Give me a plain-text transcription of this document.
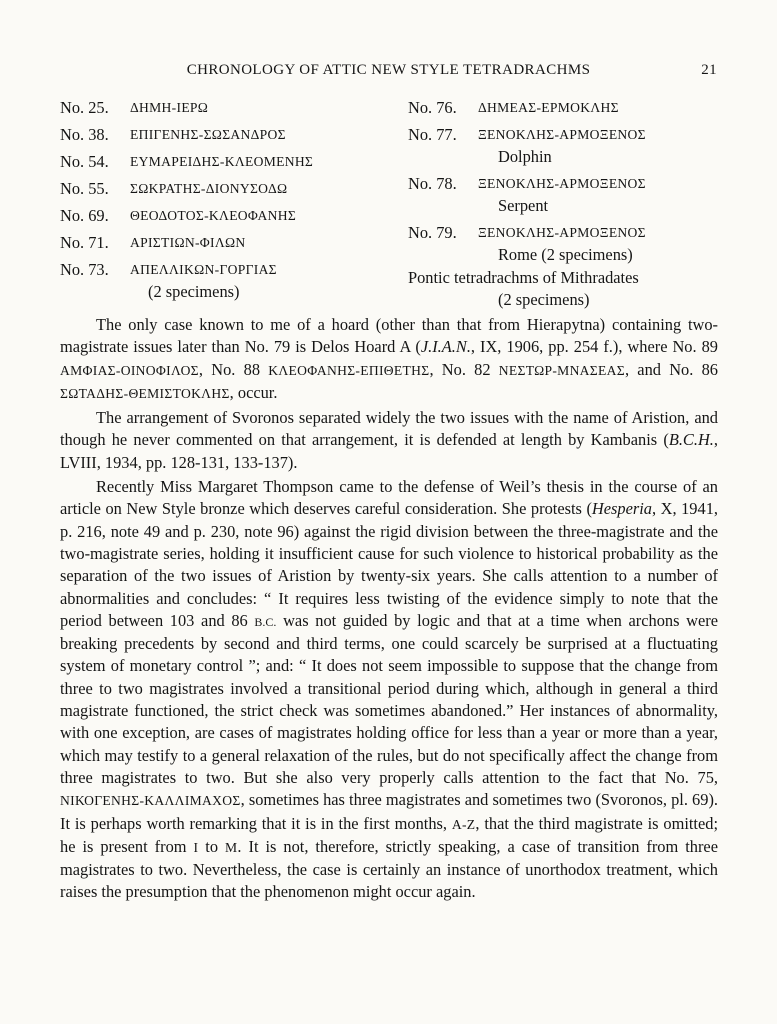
CHRONOLOGY OF ATTIC NEW STYLE TETRADRACHMS	21
No. 25.	ΔΗΜΗ-ΙΕΡΩ
No. 38.	ΕΠΙΓΕΝΗΣ-ΣΩΣΑΝΔΡΟΣ
No. 54.	ΕΥΜΑΡΕΙΔΗΣ-ΚΛΕΟΜΕΝΗΣ
No. 55.	ΣΩΚΡΑΤΗΣ-ΔΙΟΝΥΣΟΔΩ
No. 69.	ΘΕΟΔΟΤΟΣ-ΚΛΕΟΦΑΝΗΣ
No. 71.	ΑΡΙΣΤΙΩΝ-ΦΙΛΩΝ
No. 73.	ΑΠΕΛΛΙΚΩΝ-ΓΟΡΓΙΑΣ
(2 specimens)
No. 76.	ΔΗΜΕΑΣ-ΕΡΜΟΚΛΗΣ
No. 77.	ΞΕΝΟΚΛΗΣ-ΑΡΜΟΞΕΝΟΣ
Dolphin
No. 78.	ΞΕΝΟΚΛΗΣ-ΑΡΜΟΞΕΝΟΣ
Serpent
No. 79.	ΞΕΝΟΚΛΗΣ-ΑΡΜΟΞΕΝΟΣ
Rome (2 specimens)
Pontic tetradrachms of Mithradates
(2 specimens)

The only case known to me of a hoard (other than that from Hierapytna) containing two-magistrate issues later than No. 79 is Delos Hoard A (J.I.A.N., IX, 1906, pp. 254 f.), where No. 89 ΑΜΦΙΑΣ-ΟΙΝΟΦΙΛΟΣ, No. 88 ΚΛΕΟΦΑΝΗΣ-ΕΠΙΘΕΤΗΣ, No. 82 ΝΕΣΤΩΡ-ΜΝΑΣΕΑΣ, and No. 86 ΣΩΤΑΔΗΣ-ΘΕΜΙΣΤΟΚΛΗΣ, occur.

The arrangement of Svoronos separated widely the two issues with the name of Aristion, and though he never commented on that arrangement, it is defended at length by Kambanis (B.C.H., LVIII, 1934, pp. 128-131, 133-137).

Recently Miss Margaret Thompson came to the defense of Weil’s thesis in the course of an article on New Style bronze which deserves careful consideration. She protests (Hesperia, X, 1941, p. 216, note 49 and p. 230, note 96) against the rigid division between the three-magistrate and the two-magistrate series, holding it insufficient cause for such violence to historical probability as the separation of the two issues of Aristion by twenty-six years. She calls attention to a number of abnormalities and concludes: “ It requires less twisting of the evidence simply to note that the period between 103 and 86 B.C. was not guided by logic and that at a time when archons were breaking precedents by second and third terms, one could scarcely be surprised at a fluctuating system of monetary control ”; and: “ It does not seem impossible to suppose that the change from three to two magistrates involved a transitional period during which, although in general a third magistrate functioned, the strict check was sometimes abandoned.” Her instances of abnormality, with one exception, are cases of magistrates holding office for less than a year or more than a year, which may testify to a general relaxation of the rules, but do not specifically affect the change from three magistrates to two. But she also very properly calls attention to the fact that No. 75, ΝΙΚΟΓΕΝΗΣ-ΚΑΛΛΙΜΑΧΟΣ, sometimes has three magistrates and sometimes two (Svoronos, pl. 69). It is perhaps worth remarking that it is in the first months, Α-Ζ, that the third magistrate is omitted; he is present from Ι to Μ. It is not, therefore, strictly speaking, a case of transition from three magistrates to two. Nevertheless, the case is certainly an instance of unorthodox treatment, which raises the presumption that the phenomenon might occur again.
